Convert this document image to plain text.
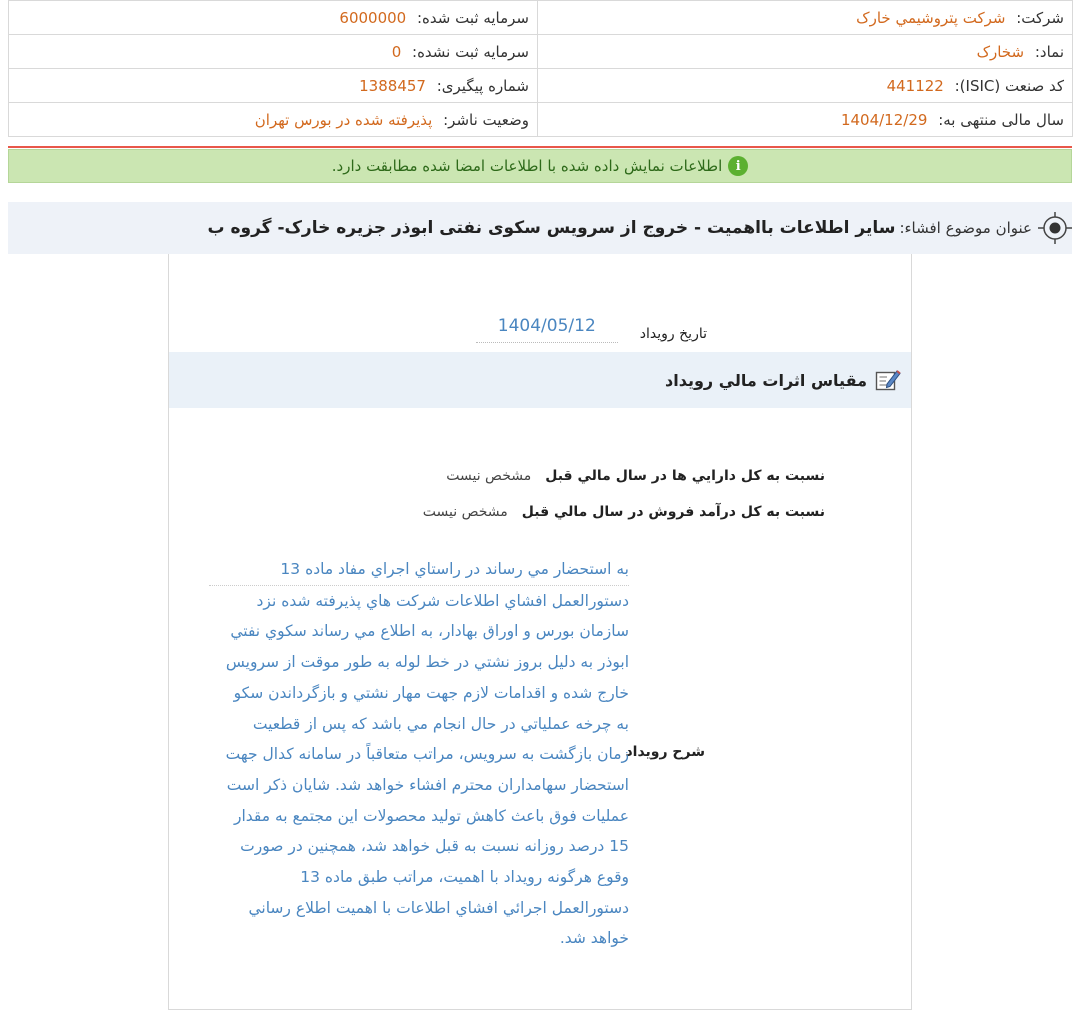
شرکت: شرکت پتروشيمي خارک	سرمایه ثبت شده: 6000000
نماد: شخارک	سرمایه ثبت نشده: 0
کد صنعت (ISIC): 441122	شماره پیگیری: 1388457
سال مالی منتهی به: 1404/12/29	وضعیت ناشر: پذیرفته شده در بورس تهران
i
اطلاعات نمایش داده شده با اطلاعات امضا شده مطابقت دارد.
عنوان موضوع افشاء:
سایر اطلاعات بااهمیت - خروج از سرویس سکوی نفتی ابوذر جزیره خارک- گروه ب
تاريخ رويداد
1404/05/12
مقياس اثرات مالي رويداد
نسبت به کل دارايي ها در سال مالي قبل
مشخص نيست
نسبت به کل درآمد فروش در سال مالي قبل
مشخص نيست
شرح رويداد
به استحضار مي رساند در راستاي اجراي مفاد ماده 13
دستورالعمل افشاي اطلاعات شرکت هاي پذيرفته شده نزد
سازمان بورس و اوراق بهادار، به اطلاع مي رساند سکوي نفتي
ابوذر به دليل بروز نشتي در خط لوله به طور موقت از سرويس
خارج شده و اقدامات لازم جهت مهار نشتي و بازگرداندن سکو
به چرخه عملياتي در حال انجام مي باشد که پس از قطعيت
زمان بازگشت به سرويس، مراتب متعاقباً در سامانه کدال جهت
استحضار سهامداران محترم افشاء خواهد شد. شایان ذکر است
عملیات فوق باعث کاهش تولید محصولات این مجتمع به مقدار
15 درصد روزانه نسبت به قبل خواهد شد، همچنین در صورت
وقوع هرگونه رويداد با اهميت، مراتب طبق ماده 13
دستورالعمل اجرائي افشاي اطلاعات با اهميت اطلاع رساني
خواهد شد.
